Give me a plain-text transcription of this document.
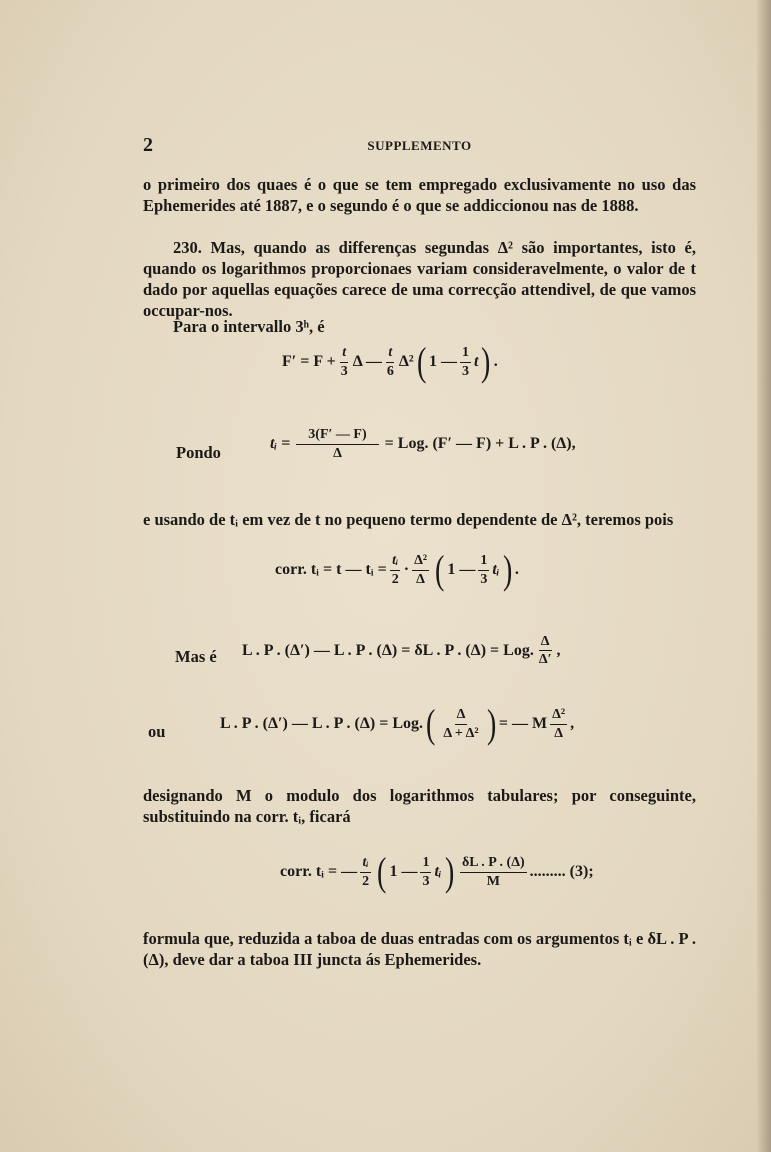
2	SUPPLEMENTO
o primeiro dos quaes é o que se tem empregado exclusivamente no uso das Ephemerides até 1887, e o segundo é o que se addiccionou nas de 1888.
230. Mas, quando as differenças segundas Δ² são importantes, isto é, quando os logarithmos proporcionaes variam consideravelmente, o valor de t dado por aquellas equações carece de uma correcção attendivel, de que vamos occupar-nos.
Para o intervallo 3ʰ, é
$F' = F + \frac{t}{3}$ Δ — $\frac{t}{6} \Delta^2$ ( 1 — $\frac{1}{3}$ t ) .
Pondo	tᵢ = $\frac{3(F' — F)}{\Delta}$ = Log. (F′ — F) + L . P . (Δ),
e usando de tᵢ em vez de t no pequeno termo dependente de Δ², teremos pois
corr. tᵢ = t — tᵢ = $\frac{\text{tᵢ}}{2} \cdot \frac{\text{Δ²}}{\Delta}$ ( 1 — $\frac{1}{3}$ tᵢ ) .
Mas é L . P . (Δ′) — L . P . (Δ) = δL . P . (Δ) = Log. $\frac{\Delta}{\Delta'}$ ,
ou	L . P . (Δ′) — L . P . (Δ) = Log. ( $\frac{\Delta}{\text{Δ + Δ²}}$ ) = — M $\frac{\text{Δ²}}{\Delta}$ ,
designando M o modulo dos logarithmos tabulares; por conseguinte, substituindo na corr. tᵢ, ficará
corr. tᵢ = — $\frac{\text{tᵢ}}{2}$ ( 1 — $\frac{1}{3}$ tᵢ ) $\frac{\delta L . P . (\Delta)}{M}$ ......... (3);
formula que, reduzida a taboa de duas entradas com os argumentos tᵢ e δL . P . (Δ), deve dar a taboa III juncta ás Ephemerides.
